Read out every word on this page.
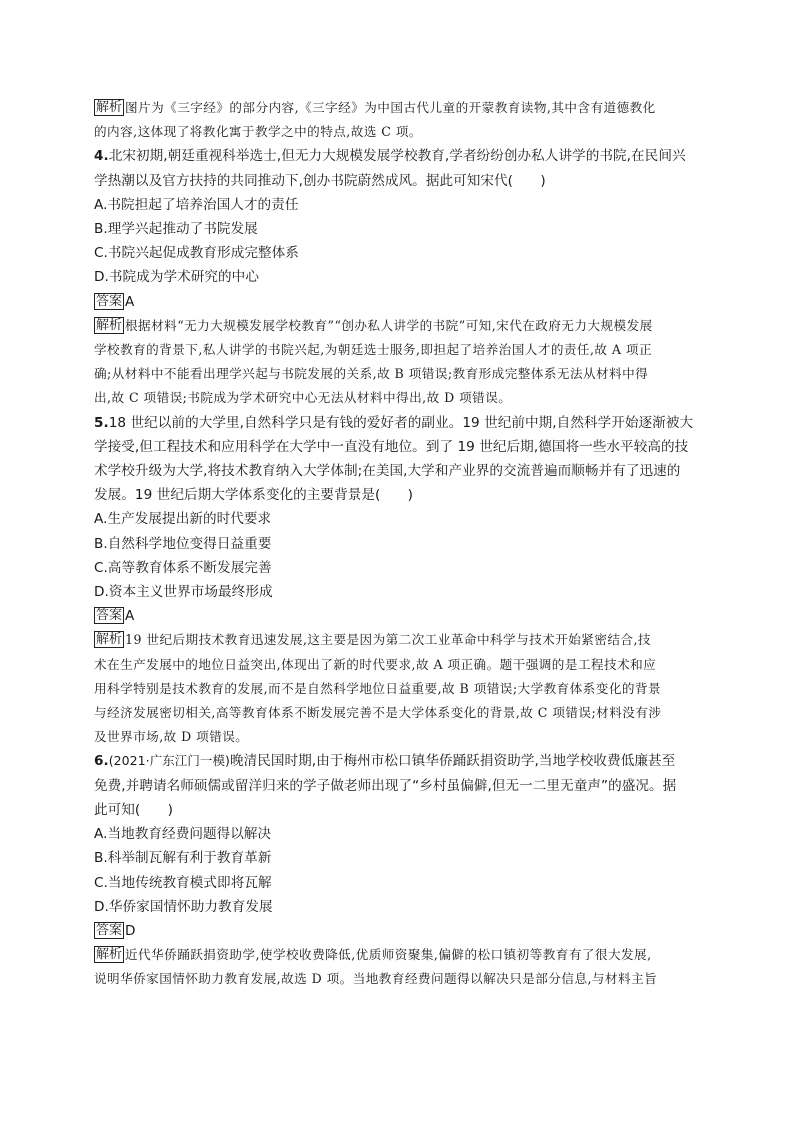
解析 图片为《三字经》的部分内容,《三字经》为中国古代儿童的开蒙教育读物,其中含有道德教化
的内容,这体现了将教化寓于教学之中的特点,故选 C 项。
4.北宋初期,朝廷重视科举选士,但无力大规模发展学校教育,学者纷纷创办私人讲学的书院,在民间兴
学热潮以及官方扶持的共同推动下,创办书院蔚然成风。据此可知宋代(　　)
A.书院担起了培养治国人才的责任
B.理学兴起推动了书院发展
C.书院兴起促成教育形成完整体系
D.书院成为学术研究的中心
答案 A
解析 根据材料“无力大规模发展学校教育”“创办私人讲学的书院”可知,宋代在政府无力大规模发展
学校教育的背景下,私人讲学的书院兴起,为朝廷选士服务,即担起了培养治国人才的责任,故 A 项正
确;从材料中不能看出理学兴起与书院发展的关系,故 B 项错误;教育形成完整体系无法从材料中得
出,故 C 项错误;书院成为学术研究中心无法从材料中得出,故 D 项错误。
5.18 世纪以前的大学里,自然科学只是有钱的爱好者的副业。19 世纪前中期,自然科学开始逐渐被大
学接受,但工程技术和应用科学在大学中一直没有地位。到了 19 世纪后期,德国将一些水平较高的技
术学校升级为大学,将技术教育纳入大学体制;在美国,大学和产业界的交流普遍而顺畅并有了迅速的
发展。19 世纪后期大学体系变化的主要背景是(　　)
A.生产发展提出新的时代要求
B.自然科学地位变得日益重要
C.高等教育体系不断发展完善
D.资本主义世界市场最终形成
答案 A
解析 19 世纪后期技术教育迅速发展,这主要是因为第二次工业革命中科学与技术开始紧密结合,技
术在生产发展中的地位日益突出,体现出了新的时代要求,故 A 项正确。题干强调的是工程技术和应
用科学特别是技术教育的发展,而不是自然科学地位日益重要,故 B 项错误;大学教育体系变化的背景
与经济发展密切相关,高等教育体系不断发展完善不是大学体系变化的背景,故 C 项错误;材料没有涉
及世界市场,故 D 项错误。
6.(2021·广东江门一模)晚清民国时期,由于梅州市松口镇华侨踊跃捐资助学,当地学校收费低廉甚至
免费,并聘请名师硕儒或留洋归来的学子做老师出现了“乡村虽偏僻,但无一二里无童声”的盛况。据
此可知(　　)
A.当地教育经费问题得以解决
B.科举制瓦解有利于教育革新
C.当地传统教育模式即将瓦解
D.华侨家国情怀助力教育发展
答案 D
解析 近代华侨踊跃捐资助学,使学校收费降低,优质师资聚集,偏僻的松口镇初等教育有了很大发展,
说明华侨家国情怀助力教育发展,故选 D 项。当地教育经费问题得以解决只是部分信息,与材料主旨
